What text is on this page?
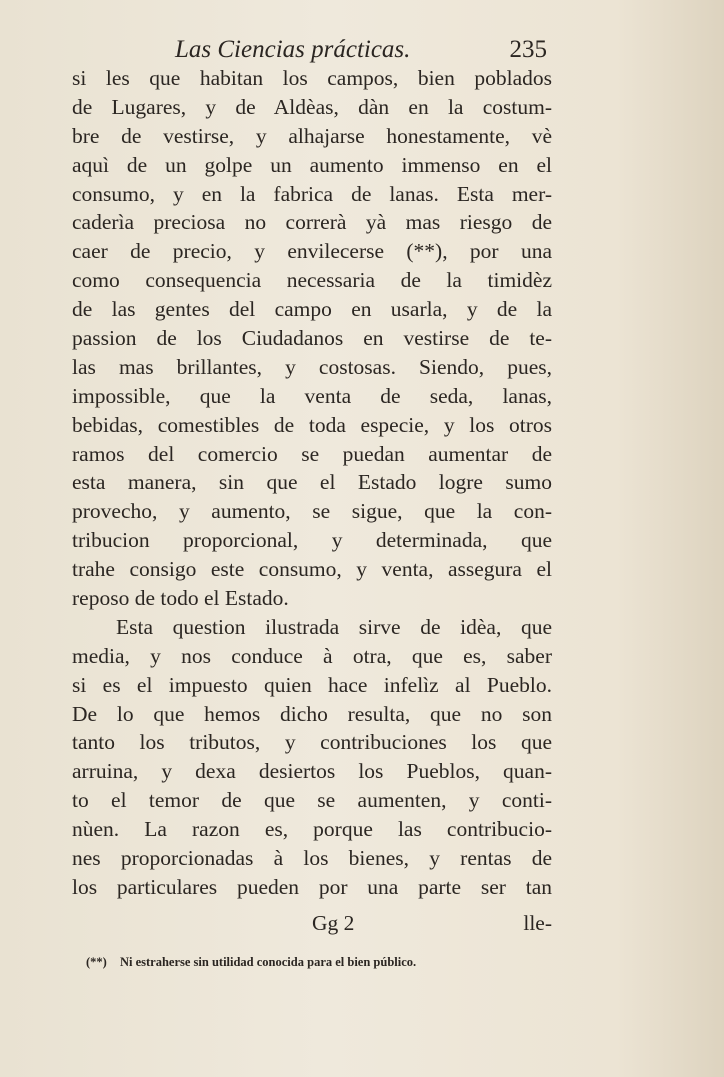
Las Ciencias prácticas.	235
si les que habitan los campos, bien poblados
de Lugares, y de Aldèas, dàn en la costum-
bre de vestirse, y alhajarse honestamente, vè
aquì de un golpe un aumento immenso en el
consumo, y en la fabrica de lanas. Esta mer-
caderìa preciosa no correrà yà mas riesgo de
caer de precio, y envilecerse (**), por una
como consequencia necessaria de la timidèz
de las gentes del campo en usarla, y de la
passion de los Ciudadanos en vestirse de te-
las mas brillantes, y costosas. Siendo, pues,
impossible, que la venta de seda, lanas,
bebidas, comestibles de toda especie, y los otros
ramos del comercio se puedan aumentar de
esta manera, sin que el Estado logre sumo
provecho, y aumento, se sigue, que la con-
tribucion proporcional, y determinada, que
trahe consigo este consumo, y venta, assegura el
reposo de todo el Estado.
Esta question ilustrada sirve de idèa, que
media, y nos conduce à otra, que es, saber
si es el impuesto quien hace infelìz al Pueblo.
De lo que hemos dicho resulta, que no son
tanto los tributos, y contribuciones los que
arruina, y dexa desiertos los Pueblos, quan-
to el temor de que se aumenten, y conti-
nùen. La razon es, porque las contribucio-
nes proporcionadas à los bienes, y rentas de
los particulares pueden por una parte ser tan
Gg 2	lle-
(**) Ni estraherse sin utilidad conocida para el bien público.
